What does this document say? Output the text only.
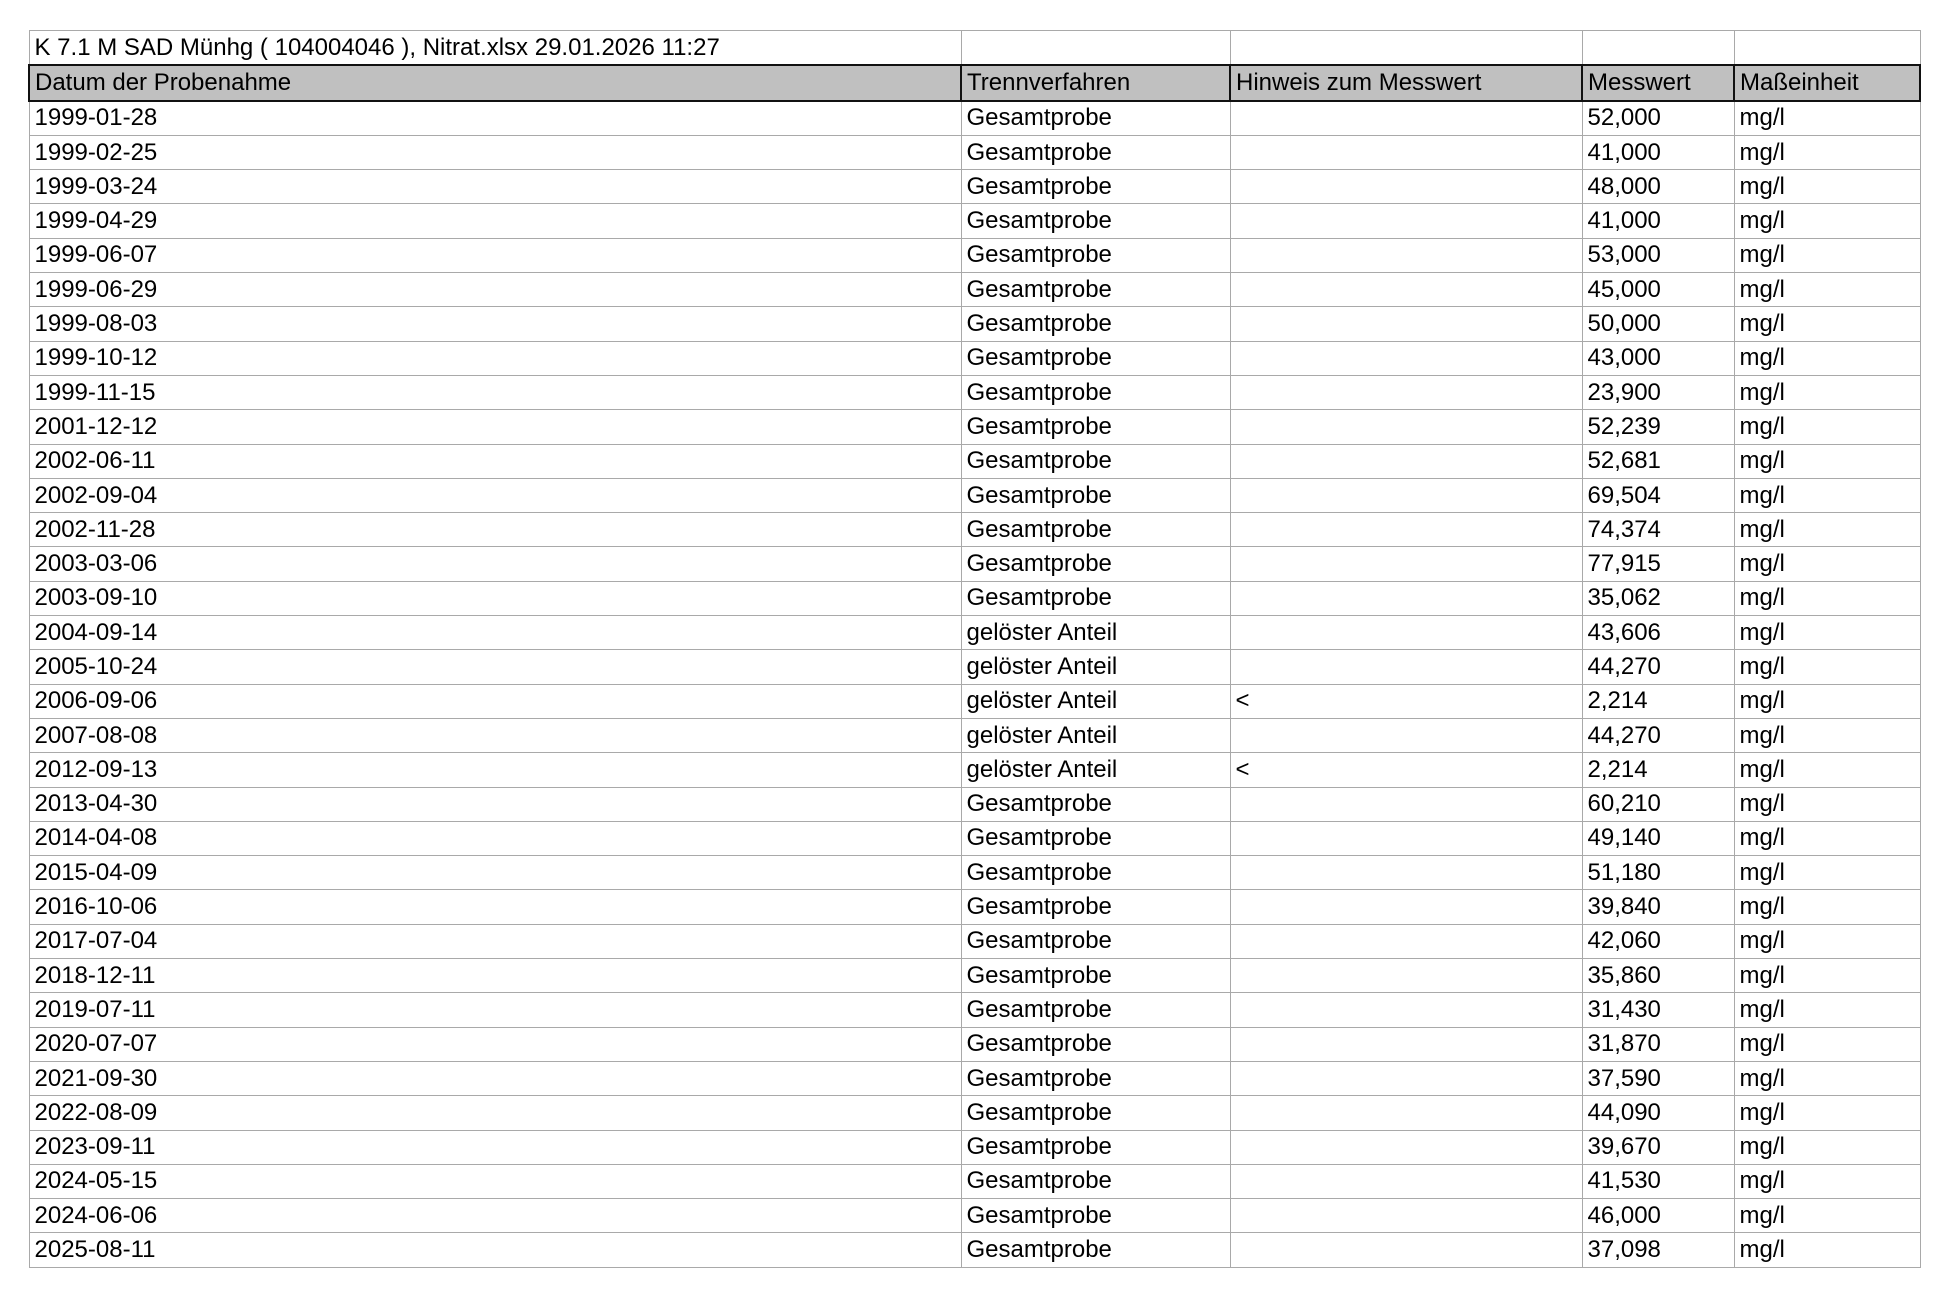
K 7.1 M SAD Münhg ( 104004046 ), Nitrat.xlsx 29.01.2026 11:27				
Datum der Probenahme	Trennverfahren	Hinweis zum Messwert	Messwert	Maßeinheit
1999-01-28	Gesamtprobe		52,000	mg/l
1999-02-25	Gesamtprobe		41,000	mg/l
1999-03-24	Gesamtprobe		48,000	mg/l
1999-04-29	Gesamtprobe		41,000	mg/l
1999-06-07	Gesamtprobe		53,000	mg/l
1999-06-29	Gesamtprobe		45,000	mg/l
1999-08-03	Gesamtprobe		50,000	mg/l
1999-10-12	Gesamtprobe		43,000	mg/l
1999-11-15	Gesamtprobe		23,900	mg/l
2001-12-12	Gesamtprobe		52,239	mg/l
2002-06-11	Gesamtprobe		52,681	mg/l
2002-09-04	Gesamtprobe		69,504	mg/l
2002-11-28	Gesamtprobe		74,374	mg/l
2003-03-06	Gesamtprobe		77,915	mg/l
2003-09-10	Gesamtprobe		35,062	mg/l
2004-09-14	gelöster Anteil		43,606	mg/l
2005-10-24	gelöster Anteil		44,270	mg/l
2006-09-06	gelöster Anteil	<	2,214	mg/l
2007-08-08	gelöster Anteil		44,270	mg/l
2012-09-13	gelöster Anteil	<	2,214	mg/l
2013-04-30	Gesamtprobe		60,210	mg/l
2014-04-08	Gesamtprobe		49,140	mg/l
2015-04-09	Gesamtprobe		51,180	mg/l
2016-10-06	Gesamtprobe		39,840	mg/l
2017-07-04	Gesamtprobe		42,060	mg/l
2018-12-11	Gesamtprobe		35,860	mg/l
2019-07-11	Gesamtprobe		31,430	mg/l
2020-07-07	Gesamtprobe		31,870	mg/l
2021-09-30	Gesamtprobe		37,590	mg/l
2022-08-09	Gesamtprobe		44,090	mg/l
2023-09-11	Gesamtprobe		39,670	mg/l
2024-05-15	Gesamtprobe		41,530	mg/l
2024-06-06	Gesamtprobe		46,000	mg/l
2025-08-11	Gesamtprobe		37,098	mg/l
